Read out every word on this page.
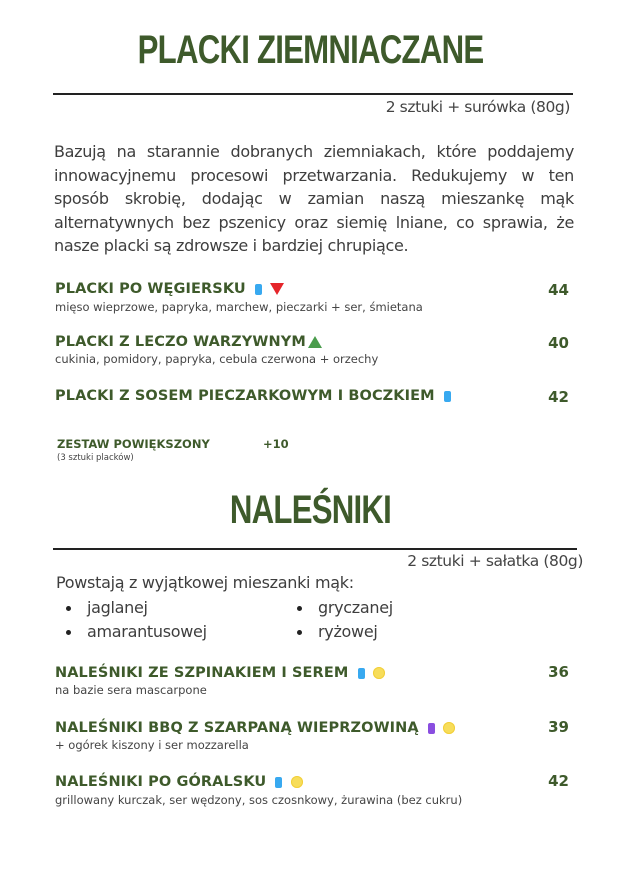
PLACKI ZIEMNIACZANE
2 sztuki + surówka (80g)
Bazują na starannie dobranych ziemniakach, które poddajemy innowacyjnemu procesowi przetwarzania. Redukujemy w ten sposób skrobię, dodając w zamian naszą mieszankę mąk alternatywnych bez pszenicy oraz siemię lniane, co sprawia, że nasze placki są zdrowsze i bardziej chrupiące.
PLACKI PO WĘGIERSKU	44
mięso wieprzowe, papryka, marchew, pieczarki + ser, śmietana
PLACKI Z LECZO WARZYWNYM	40
cukinia, pomidory, papryka, cebula czerwona + orzechy
PLACKI Z SOSEM PIECZARKOWYM I BOCZKIEM	42
ZESTAW POWIĘKSZONY	+10
(3 sztuki placków)
NALEŚNIKI
2 sztuki + sałatka (80g)
Powstają z wyjątkowej mieszanki mąk:
jaglanej	gryczanej
amarantusowej	ryżowej
NALEŚNIKI ZE SZPINAKIEM I SEREM	36
na bazie sera mascarpone
NALEŚNIKI BBQ Z SZARPANĄ WIEPRZOWINĄ	39
+ ogórek kiszony i ser mozzarella
NALEŚNIKI PO GÓRALSKU	42
grillowany kurczak, ser wędzony, sos czosnkowy, żurawina (bez cukru)
